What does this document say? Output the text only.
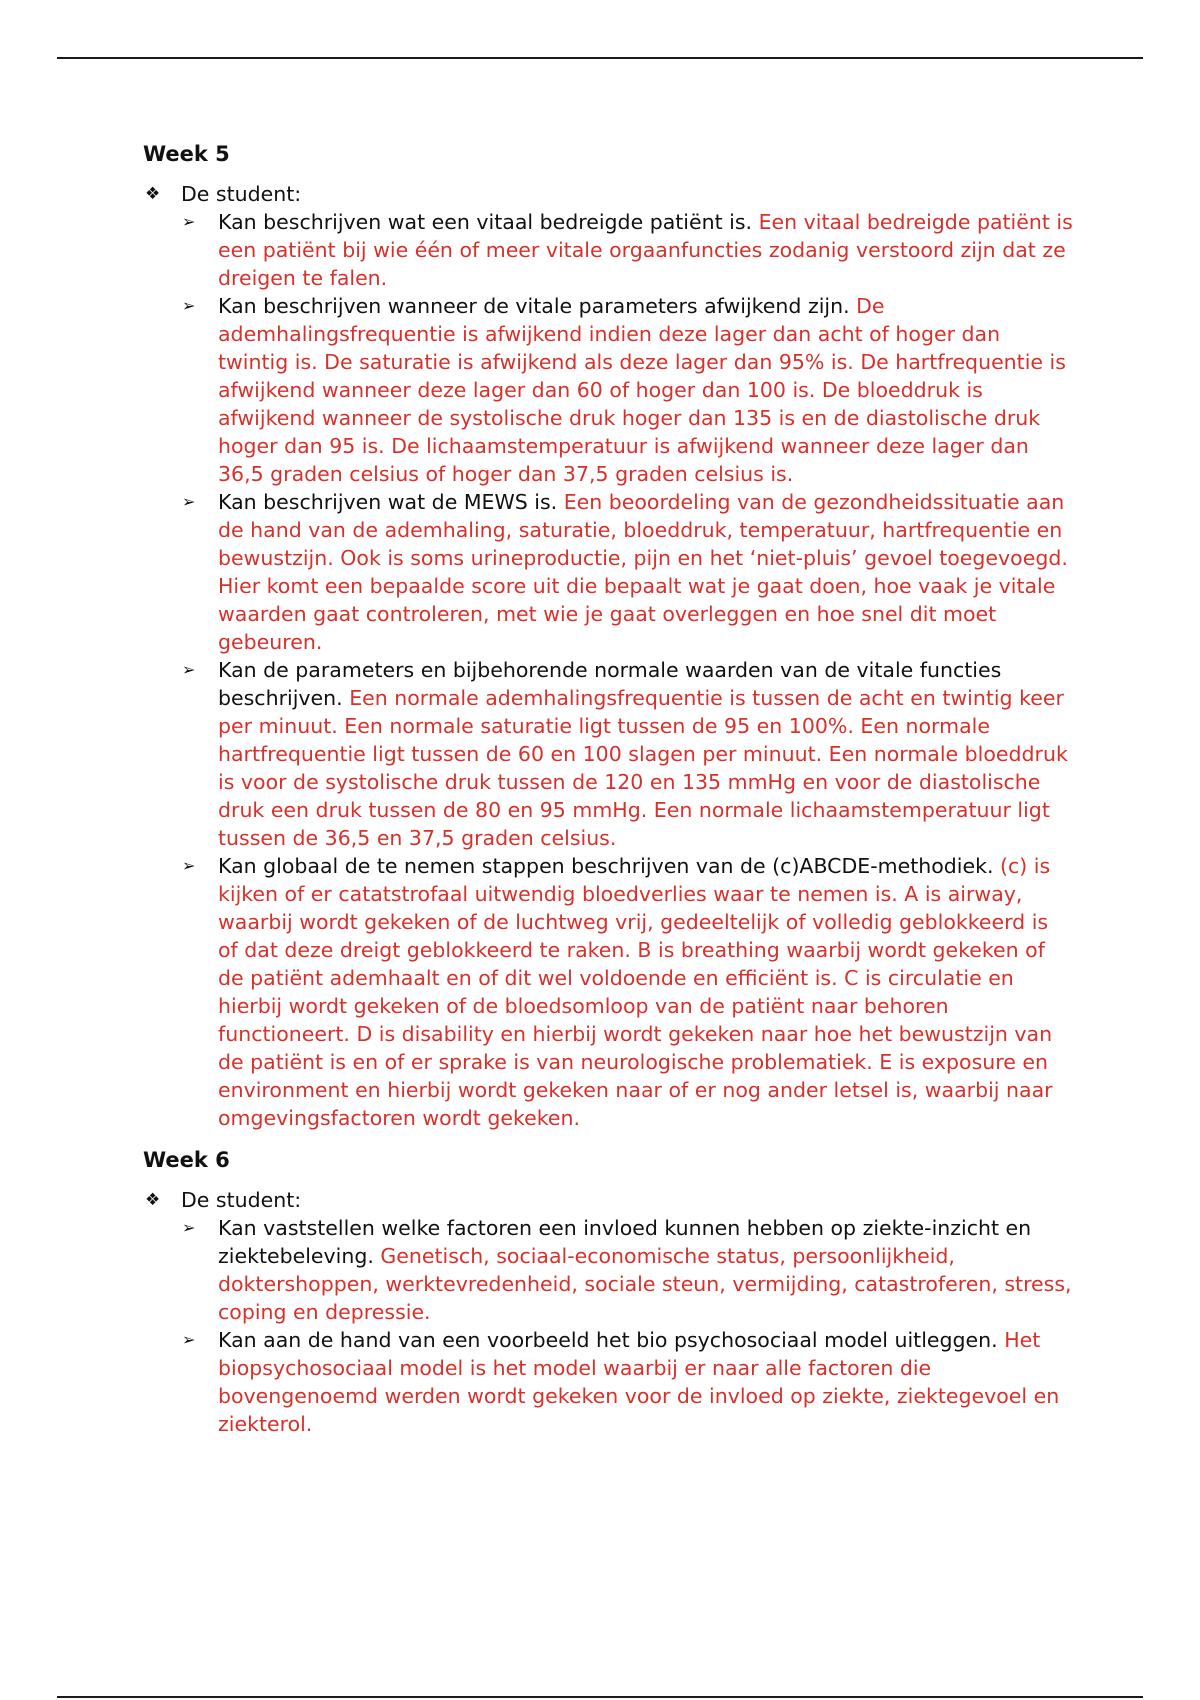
Week 5
❖	De student:
➢	Kan beschrijven wat een vitaal bedreigde patiënt is. Een vitaal bedreigde patiënt is een patiënt bij wie één of meer vitale orgaanfuncties zodanig verstoord zijn dat ze dreigen te falen.
➢	Kan beschrijven wanneer de vitale parameters afwijkend zijn. De ademhalingsfrequentie is afwijkend indien deze lager dan acht of hoger dan twintig is. De saturatie is afwijkend als deze lager dan 95% is. De hartfrequentie is afwijkend wanneer deze lager dan 60 of hoger dan 100 is. De bloeddruk is afwijkend wanneer de systolische druk hoger dan 135 is en de diastolische druk hoger dan 95 is. De lichaamstemperatuur is afwijkend wanneer deze lager dan 36,5 graden celsius of hoger dan 37,5 graden celsius is.
➢	Kan beschrijven wat de MEWS is. Een beoordeling van de gezondheidssituatie aan de hand van de ademhaling, saturatie, bloeddruk, temperatuur, hartfrequentie en bewustzijn. Ook is soms urineproductie, pijn en het ‘niet-pluis’ gevoel toegevoegd. Hier komt een bepaalde score uit die bepaalt wat je gaat doen, hoe vaak je vitale waarden gaat controleren, met wie je gaat overleggen en hoe snel dit moet gebeuren.
➢	Kan de parameters en bijbehorende normale waarden van de vitale functies beschrijven. Een normale ademhalingsfrequentie is tussen de acht en twintig keer per minuut. Een normale saturatie ligt tussen de 95 en 100%. Een normale hartfrequentie ligt tussen de 60 en 100 slagen per minuut. Een normale bloeddruk is voor de systolische druk tussen de 120 en 135 mmHg en voor de diastolische druk een druk tussen de 80 en 95 mmHg. Een normale lichaamstemperatuur ligt tussen de 36,5 en 37,5 graden celsius.
➢	Kan globaal de te nemen stappen beschrijven van de (c)ABCDE-methodiek. (c) is kijken of er catatstrofaal uitwendig bloedverlies waar te nemen is. A is airway, waarbij wordt gekeken of de luchtweg vrij, gedeeltelijk of volledig geblokkeerd is of dat deze dreigt geblokkeerd te raken. B is breathing waarbij wordt gekeken of de patiënt ademhaalt en of dit wel voldoende en efficiënt is. C is circulatie en hierbij wordt gekeken of de bloedsomloop van de patiënt naar behoren functioneert. D is disability en hierbij wordt gekeken naar hoe het bewustzijn van de patiënt is en of er sprake is van neurologische problematiek. E is exposure en environment en hierbij wordt gekeken naar of er nog ander letsel is, waarbij naar omgevingsfactoren wordt gekeken.
Week 6
❖	De student:
➢	Kan vaststellen welke factoren een invloed kunnen hebben op ziekte-inzicht en ziektebeleving. Genetisch, sociaal-economische status, persoonlijkheid, doktershoppen, werktevredenheid, sociale steun, vermijding, catastroferen, stress, coping en depressie.
➢	Kan aan de hand van een voorbeeld het bio psychosociaal model uitleggen. Het biopsychosociaal model is het model waarbij er naar alle factoren die bovengenoemd werden wordt gekeken voor de invloed op ziekte, ziektegevoel en ziekterol.
